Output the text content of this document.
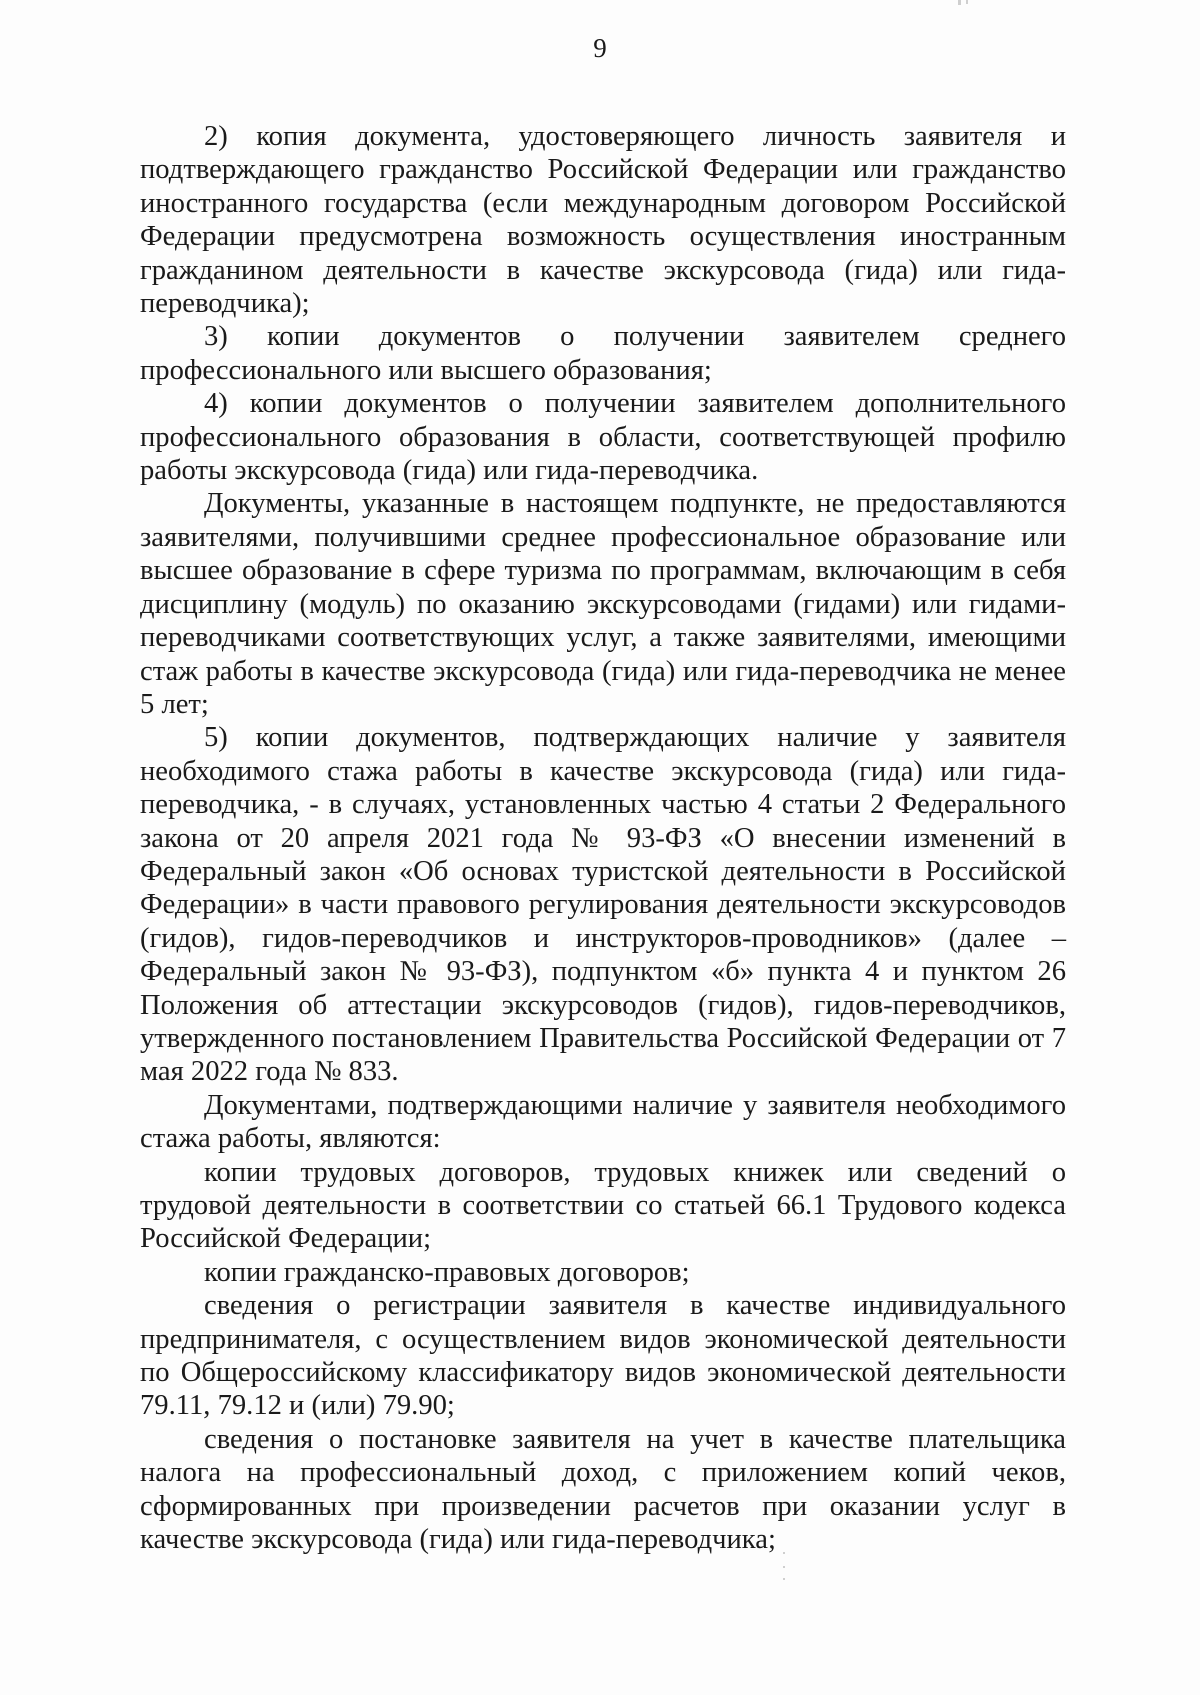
9

2) копия документа, удостоверяющего личность заявителя и подтверждающего гражданство Российской Федерации или гражданство иностранного государства (если международным договором Российской Федерации предусмотрена возможность осуществления иностранным гражданином деятельности в качестве экскурсовода (гида) или гида-переводчика);

3) копии документов о получении заявителем среднего профессионального или высшего образования;

4) копии документов о получении заявителем дополнительного профессионального образования в области, соответствующей профилю работы экскурсовода (гида) или гида-переводчика.

Документы, указанные в настоящем подпункте, не предоставляются заявителями, получившими среднее профессиональное образование или высшее образование в сфере туризма по программам, включающим в себя дисциплину (модуль) по оказанию экскурсоводами (гидами) или гидами-переводчиками соответствующих услуг, а также заявителями, имеющими стаж работы в качестве экскурсовода (гида) или гида-переводчика не менее 5 лет;

5) копии документов, подтверждающих наличие у заявителя необходимого стажа работы в качестве экскурсовода (гида) или гида-переводчика, - в случаях, установленных частью 4 статьи 2 Федерального закона от 20 апреля 2021 года № 93-ФЗ «О внесении изменений в Федеральный закон «Об основах туристской деятельности в Российской Федерации» в части правового регулирования деятельности экскурсоводов (гидов), гидов-переводчиков и инструкторов-проводников» (далее – Федеральный закон № 93-ФЗ), подпунктом «б» пункта 4 и пунктом 26 Положения об аттестации экскурсоводов (гидов), гидов-переводчиков, утвержденного постановлением Правительства Российской Федерации от 7 мая 2022 года № 833.

Документами, подтверждающими наличие у заявителя необходимого стажа работы, являются:

копии трудовых договоров, трудовых книжек или сведений о трудовой деятельности в соответствии со статьей 66.1 Трудового кодекса Российской Федерации;

копии гражданско-правовых договоров;

сведения о регистрации заявителя в качестве индивидуального предпринимателя, с осуществлением видов экономической деятельности по Общероссийскому классификатору видов экономической деятельности 79.11, 79.12 и (или) 79.90;

сведения о постановке заявителя на учет в качестве плательщика налога на профессиональный доход, с приложением копий чеков, сформированных при произведении расчетов при оказании услуг в качестве экскурсовода (гида) или гида-переводчика;
